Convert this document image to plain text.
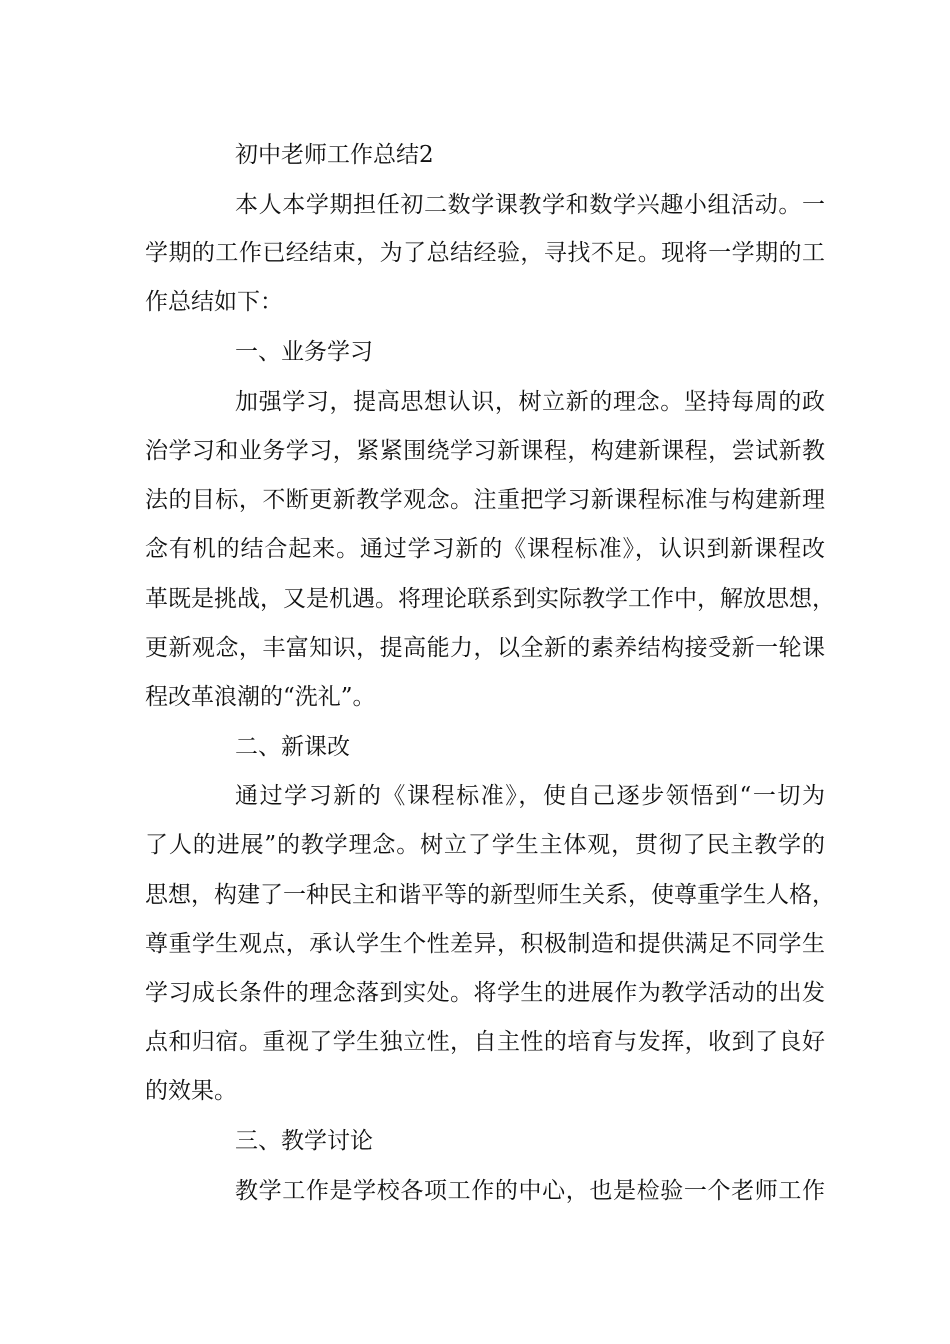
初中老师工作总结2
本人本学期担任初二数学课教学和数学兴趣小组活动。一
学期的工作已经结束，为了总结经验，寻找不足。现将一学期的工
作总结如下：
一、业务学习
加强学习，提高思想认识，树立新的理念。坚持每周的政
治学习和业务学习，紧紧围绕学习新课程，构建新课程，尝试新教
法的目标，不断更新教学观念。注重把学习新课程标准与构建新理
念有机的结合起来。通过学习新的《课程标准》，认识到新课程改
革既是挑战，又是机遇。将理论联系到实际教学工作中，解放思想，
更新观念，丰富知识，提高能力，以全新的素养结构接受新一轮课
程改革浪潮的“洗礼”。
二、新课改
通过学习新的《课程标准》，使自己逐步领悟到“一切为
了人的进展”的教学理念。树立了学生主体观，贯彻了民主教学的
思想，构建了一种民主和谐平等的新型师生关系，使尊重学生人格，
尊重学生观点，承认学生个性差异，积极制造和提供满足不同学生
学习成长条件的理念落到实处。将学生的进展作为教学活动的出发
点和归宿。重视了学生独立性，自主性的培育与发挥，收到了良好
的效果。
三、教学讨论
教学工作是学校各项工作的中心，也是检验一个老师工作
